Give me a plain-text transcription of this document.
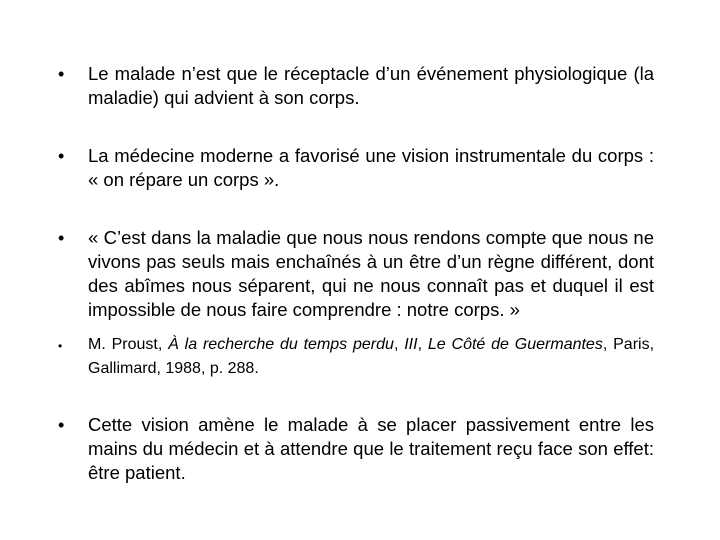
•	Le malade n’est que le réceptacle d’un événement physiologique (la maladie) qui advient à son corps.
•	La médecine moderne a favorisé une vision instrumentale du corps : « on répare un corps ».
•	« C’est dans la maladie que nous nous rendons compte que nous ne vivons pas seuls mais enchaînés à un être d’un règne différent, dont des abîmes nous séparent, qui ne nous connaît pas et duquel il est impossible de nous faire comprendre : notre corps. »
•	M. Proust, À la recherche du temps perdu, III, Le Côté de Guermantes, Paris, Gallimard, 1988, p. 288.
•	Cette vision amène le malade à se placer passivement entre les mains du médecin et à attendre que le traitement reçu face son effet: être patient.
